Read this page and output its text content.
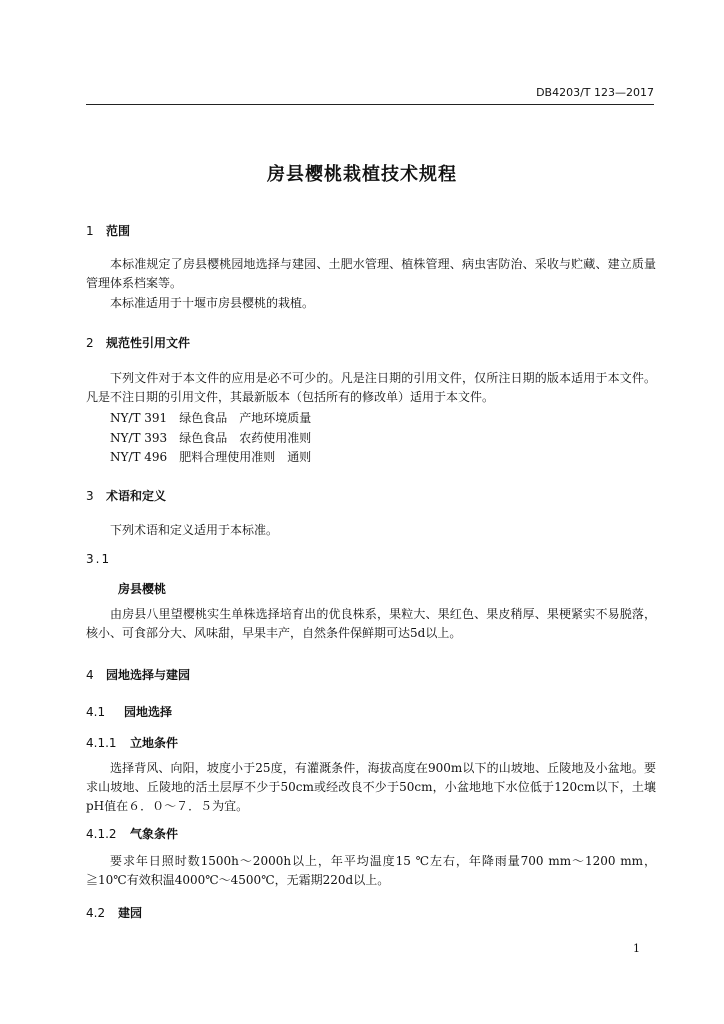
DB4203/T 123—2017
房县樱桃栽植技术规程
1 范围
本标准规定了房县樱桃园地选择与建园、土肥水管理、植株管理、病虫害防治、采收与贮藏、建立质量管理体系档案等。
本标准适用于十堰市房县樱桃的栽植。
2 规范性引用文件
下列文件对于本文件的应用是必不可少的。凡是注日期的引用文件，仅所注日期的版本适用于本文件。凡是不注日期的引用文件，其最新版本（包括所有的修改单）适用于本文件。
NY/T 391　绿色食品　产地环境质量
NY/T 393　绿色食品　农药使用准则
NY/T 496　肥料合理使用准则　通则
3 术语和定义
下列术语和定义适用于本标准。
3.1
房县樱桃
由房县八里望樱桃实生单株选择培育出的优良株系，果粒大、果红色、果皮稍厚、果梗紧实不易脱落，核小、可食部分大、风味甜，早果丰产，自然条件保鲜期可达5d以上。
4 园地选择与建园
4.1 园地选择
4.1.1 立地条件
选择背风、向阳，坡度小于25度，有灌溉条件，海拔高度在900m以下的山坡地、丘陵地及小盆地。要求山坡地、丘陵地的活土层厚不少于50cm或经改良不少于50cm，小盆地地下水位低于120cm以下，土壤pH值在６．０～７．５为宜。
4.1.2 气象条件
要求年日照时数1500h～2000h以上，年平均温度15 ℃左右，年降雨量700 mm～1200 mm，≧10℃有效积温4000℃～4500℃，无霜期220d以上。
4.2 建园
1
